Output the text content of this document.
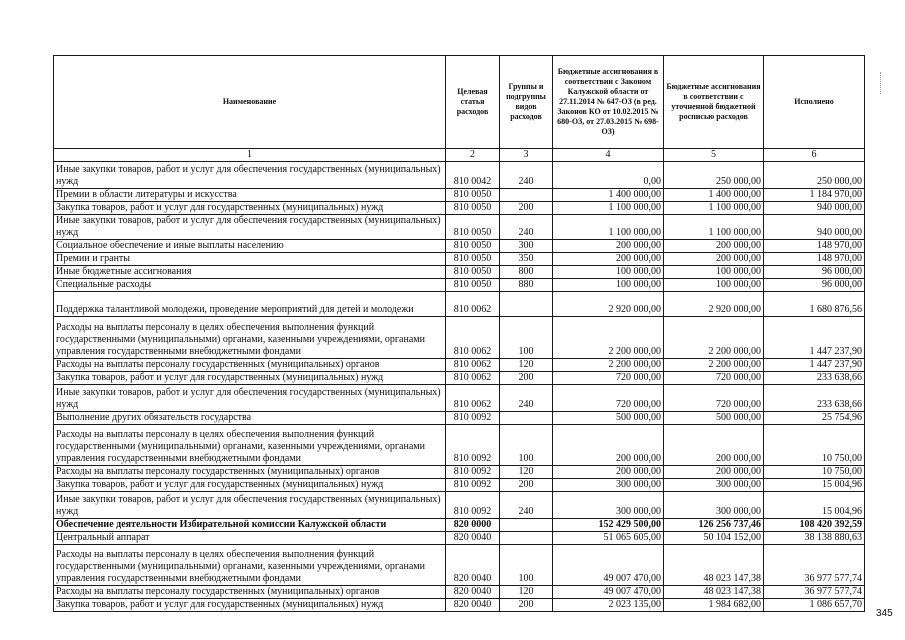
Наименование	Целевая статья расходов	Группы и подгруппы видов расходов	Бюджетные ассигнования в соответствии с Законом Калужской области от 27.11.2014 № 647-ОЗ (в ред. Законов КО от 10.02.2015 № 680-ОЗ, от 27.03.2015 № 698-ОЗ)	Бюджетные ассигнования в соответствии с уточненной бюджетной росписью расходов	Исполнено
1	2	3	4	5	6
Иные закупки товаров, работ и услуг для обеспечения государственных (муниципальных) нужд	810 0042	240	0,00	250 000,00	250 000,00
Премии в области литературы и искусства	810 0050		1 400 000,00	1 400 000,00	1 184 970,00
Закупка товаров, работ и услуг для государственных (муниципальных) нужд	810 0050	200	1 100 000,00	1 100 000,00	940 000,00
Иные закупки товаров, работ и услуг для обеспечения государственных (муниципальных) нужд	810 0050	240	1 100 000,00	1 100 000,00	940 000,00
Социальное обеспечение и иные выплаты населению	810 0050	300	200 000,00	200 000,00	148 970,00
Премии и гранты	810 0050	350	200 000,00	200 000,00	148 970,00
Иные бюджетные ассигнования	810 0050	800	100 000,00	100 000,00	96 000,00
Специальные расходы	810 0050	880	100 000,00	100 000,00	96 000,00
Поддержка талантливой молодежи, проведение мероприятий для детей и молодежи	810 0062		2 920 000,00	2 920 000,00	1 680 876,56
Расходы на выплаты персоналу в целях обеспечения выполнения функций государственными (муниципальными) органами, казенными учреждениями, органами управления государственными внебюджетными фондами	810 0062	100	2 200 000,00	2 200 000,00	1 447 237,90
Расходы на выплаты персоналу государственных (муниципальных) органов	810 0062	120	2 200 000,00	2 200 000,00	1 447 237,90
Закупка товаров, работ и услуг для государственных (муниципальных) нужд	810 0062	200	720 000,00	720 000,00	233 638,66
Иные закупки товаров, работ и услуг для обеспечения государственных (муниципальных) нужд	810 0062	240	720 000,00	720 000,00	233 638,66
Выполнение других обязательств государства	810 0092		500 000,00	500 000,00	25 754,96
Расходы на выплаты персоналу в целях обеспечения выполнения функций государственными (муниципальными) органами, казенными учреждениями, органами управления государственными внебюджетными фондами	810 0092	100	200 000,00	200 000,00	10 750,00
Расходы на выплаты персоналу государственных (муниципальных) органов	810 0092	120	200 000,00	200 000,00	10 750,00
Закупка товаров, работ и услуг для государственных (муниципальных) нужд	810 0092	200	300 000,00	300 000,00	15 004,96
Иные закупки товаров, работ и услуг для обеспечения государственных (муниципальных) нужд	810 0092	240	300 000,00	300 000,00	15 004,96
Обеспечение деятельности Избирательной комиссии Калужской области	820 0000		152 429 500,00	126 256 737,46	108 420 392,59
Центральный аппарат	820 0040		51 065 605,00	50 104 152,00	38 138 880,63
Расходы на выплаты персоналу в целях обеспечения выполнения функций государственными (муниципальными) органами, казенными учреждениями, органами управления государственными внебюджетными фондами	820 0040	100	49 007 470,00	48 023 147,38	36 977 577,74
Расходы на выплаты персоналу государственных (муниципальных) органов	820 0040	120	49 007 470,00	48 023 147,38	36 977 577,74
Закупка товаров, работ и услуг для государственных (муниципальных) нужд	820 0040	200	2 023 135,00	1 984 682,00	1 086 657,70
345
